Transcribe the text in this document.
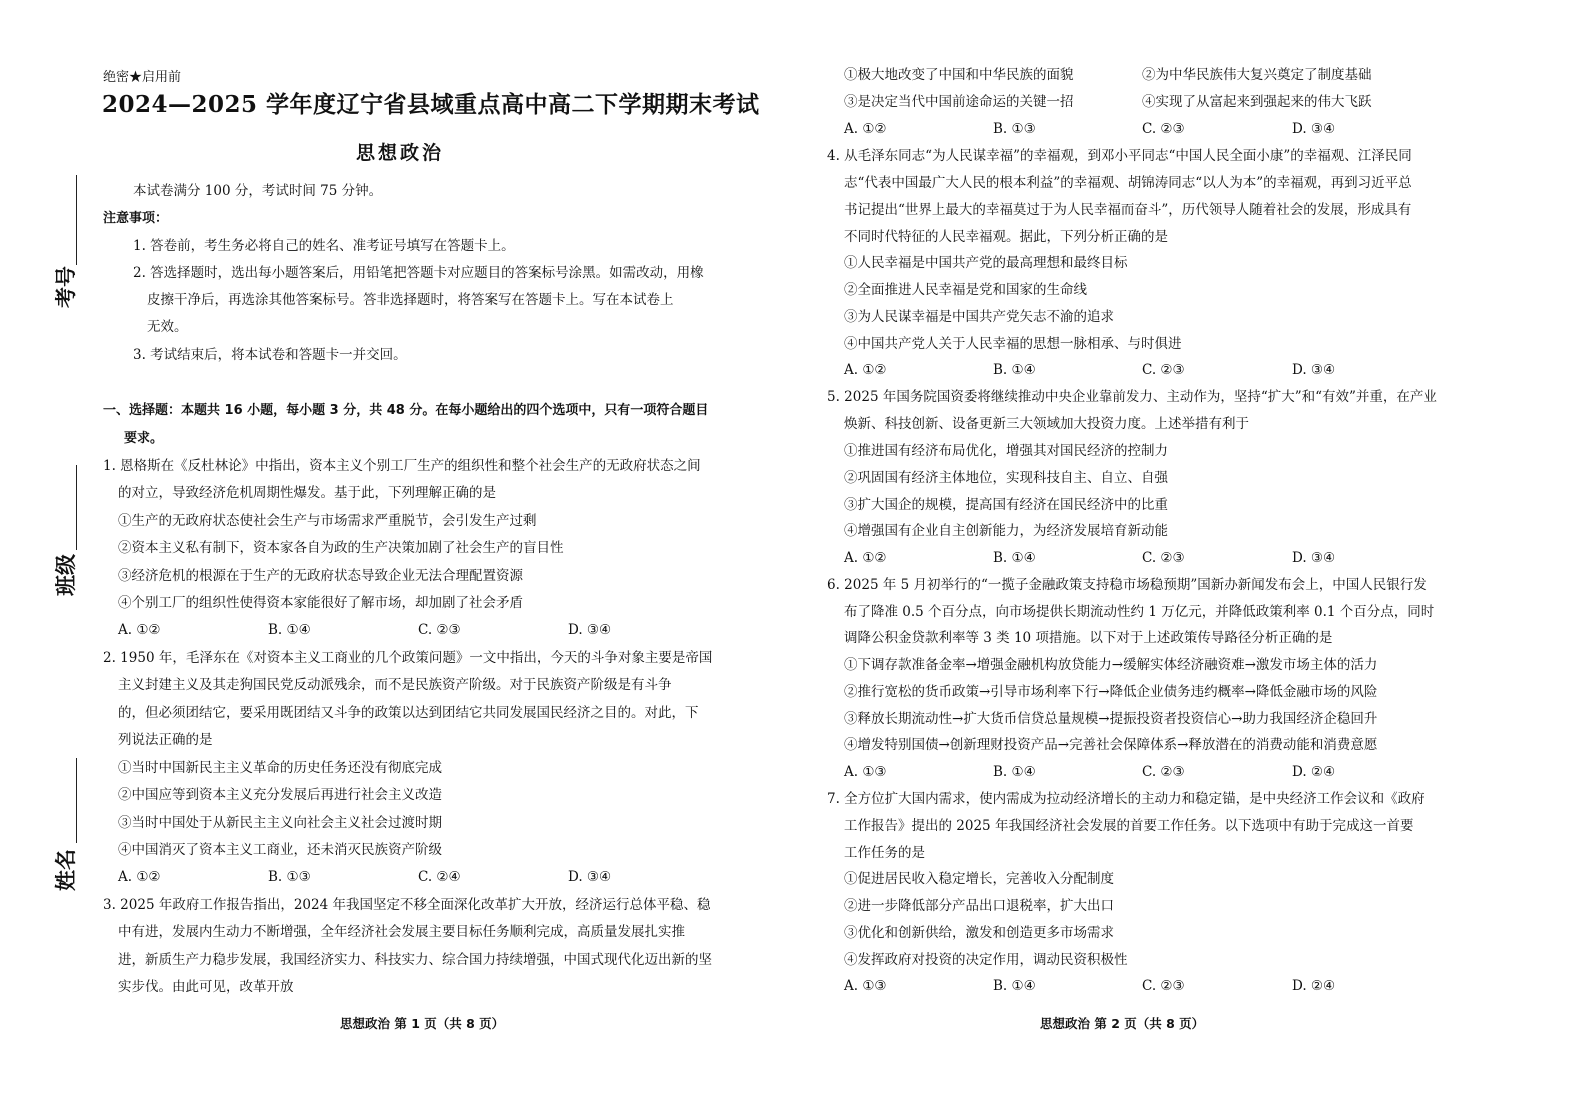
考号
班级
姓名
绝密★启用前
2024—2025 学年度辽宁省县域重点高中高二下学期期末考试
思想政治
本试卷满分 100 分，考试时间 75 分钟。
注意事项：
1. 答卷前，考生务必将自己的姓名、准考证号填写在答题卡上。
2. 答选择题时，选出每小题答案后，用铅笔把答题卡对应题目的答案标号涂黑。如需改动，用橡
皮擦干净后，再选涂其他答案标号。答非选择题时，将答案写在答题卡上。写在本试卷上
无效。
3. 考试结束后，将本试卷和答题卡一并交回。
一、选择题：本题共 16 小题，每小题 3 分，共 48 分。在每小题给出的四个选项中，只有一项符合题目
要求。
1. 恩格斯在《反杜林论》中指出，资本主义个别工厂生产的组织性和整个社会生产的无政府状态之间
的对立，导致经济危机周期性爆发。基于此，下列理解正确的是
①生产的无政府状态使社会生产与市场需求严重脱节，会引发生产过剩
②资本主义私有制下，资本家各自为政的生产决策加剧了社会生产的盲目性
③经济危机的根源在于生产的无政府状态导致企业无法合理配置资源
④个别工厂的组织性使得资本家能很好了解市场，却加剧了社会矛盾
A. ①②	B. ①④	C. ②③	D. ③④
2. 1950 年，毛泽东在《对资本主义工商业的几个政策问题》一文中指出，今天的斗争对象主要是帝国
主义封建主义及其走狗国民党反动派残余，而不是民族资产阶级。对于民族资产阶级是有斗争
的，但必须团结它，要采用既团结又斗争的政策以达到团结它共同发展国民经济之目的。对此，下
列说法正确的是
①当时中国新民主主义革命的历史任务还没有彻底完成
②中国应等到资本主义充分发展后再进行社会主义改造
③当时中国处于从新民主主义向社会主义社会过渡时期
④中国消灭了资本主义工商业，还未消灭民族资产阶级
A. ①②	B. ①③	C. ②④	D. ③④
3. 2025 年政府工作报告指出，2024 年我国坚定不移全面深化改革扩大开放，经济运行总体平稳、稳
中有进，发展内生动力不断增强，全年经济社会发展主要目标任务顺利完成，高质量发展扎实推
进，新质生产力稳步发展，我国经济实力、科技实力、综合国力持续增强，中国式现代化迈出新的坚
实步伐。由此可见，改革开放
思想政治 第 1 页（共 8 页）
①极大地改变了中国和中华民族的面貌	②为中华民族伟大复兴奠定了制度基础
③是决定当代中国前途命运的关键一招	④实现了从富起来到强起来的伟大飞跃
A. ①②	B. ①③	C. ②③	D. ③④
4. 从毛泽东同志“为人民谋幸福”的幸福观，到邓小平同志“中国人民全面小康”的幸福观、江泽民同
志“代表中国最广大人民的根本利益”的幸福观、胡锦涛同志“以人为本”的幸福观，再到习近平总
书记提出“世界上最大的幸福莫过于为人民幸福而奋斗”，历代领导人随着社会的发展，形成具有
不同时代特征的人民幸福观。据此，下列分析正确的是
①人民幸福是中国共产党的最高理想和最终目标
②全面推进人民幸福是党和国家的生命线
③为人民谋幸福是中国共产党矢志不渝的追求
④中国共产党人关于人民幸福的思想一脉相承、与时俱进
A. ①②	B. ①④	C. ②③	D. ③④
5. 2025 年国务院国资委将继续推动中央企业靠前发力、主动作为，坚持“扩大”和“有效”并重，在产业
焕新、科技创新、设备更新三大领域加大投资力度。上述举措有利于
①推进国有经济布局优化，增强其对国民经济的控制力
②巩固国有经济主体地位，实现科技自主、自立、自强
③扩大国企的规模，提高国有经济在国民经济中的比重
④增强国有企业自主创新能力，为经济发展培育新动能
A. ①②	B. ①④	C. ②③	D. ③④
6. 2025 年 5 月初举行的“一揽子金融政策支持稳市场稳预期”国新办新闻发布会上，中国人民银行发
布了降准 0.5 个百分点，向市场提供长期流动性约 1 万亿元，并降低政策利率 0.1 个百分点，同时
调降公积金贷款利率等 3 类 10 项措施。以下对于上述政策传导路径分析正确的是
①下调存款准备金率→增强金融机构放贷能力→缓解实体经济融资难→激发市场主体的活力
②推行宽松的货币政策→引导市场利率下行→降低企业债务违约概率→降低金融市场的风险
③释放长期流动性→扩大货币信贷总量规模→提振投资者投资信心→助力我国经济企稳回升
④增发特别国债→创新理财投资产品→完善社会保障体系→释放潜在的消费动能和消费意愿
A. ①③	B. ①④	C. ②③	D. ②④
7. 全方位扩大国内需求，使内需成为拉动经济增长的主动力和稳定锚，是中央经济工作会议和《政府
工作报告》提出的 2025 年我国经济社会发展的首要工作任务。以下选项中有助于完成这一首要
工作任务的是
①促进居民收入稳定增长，完善收入分配制度
②进一步降低部分产品出口退税率，扩大出口
③优化和创新供给，激发和创造更多市场需求
④发挥政府对投资的决定作用，调动民资积极性
A. ①③	B. ①④	C. ②③	D. ②④
思想政治 第 2 页（共 8 页）
